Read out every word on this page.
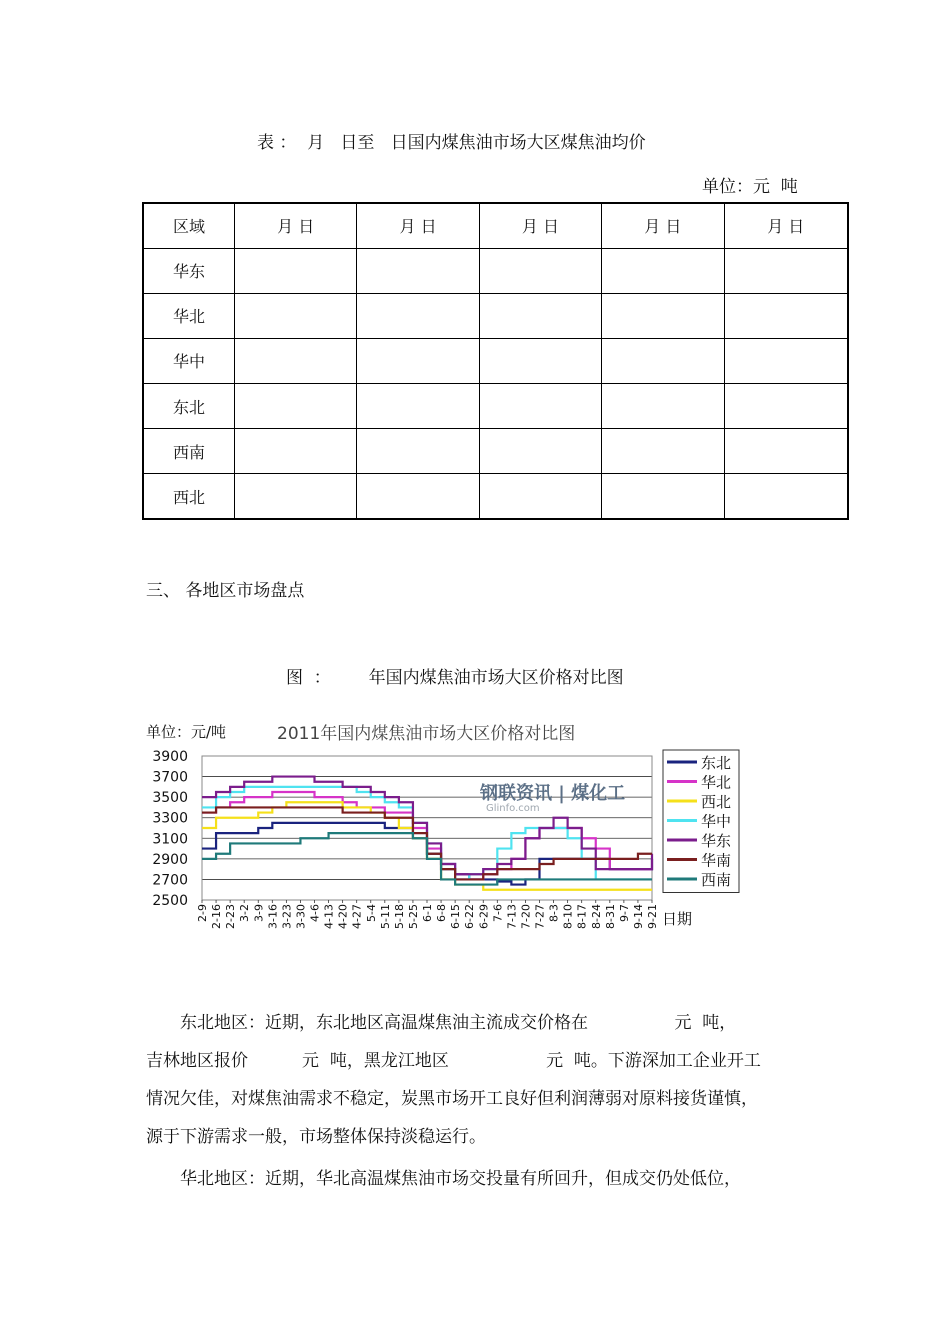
表 ：  月   日至   日国内煤焦油市场大区煤焦油均价
单位：元  吨
区域	月 日	月 日	月 日	月 日	月 日
华东					
华北					
华中					
东北					
西南					
西北					
三、 各地区市场盘点
图  ：       年国内煤焦油市场大区价格对比图
单位：元/吨	2011年国内煤焦油市场大区价格对比图
3900
3700
3500
3300
3100
2900
2700
2500
2-9 2-16 2-23 3-2 3-9 3-16 3-23 3-30 4-6 4-13 4-20 4-27 5-4 5-11 5-18 5-25 6-1 6-8 6-15 6-22 6-29 7-6 7-13 7-20 7-27 8-3 8-10 8-17 8-24 8-31 9-7 9-14 9-21
钢联资讯 | 煤化工
Glinfo.com
东北
华北
西北
华中
华东
华南
西南
日期
东北地区：近期，东北地区高温煤焦油主流成交价格在                元  吨，
吉林地区报价          元  吨，黑龙江地区                  元  吨。下游深加工企业开工
情况欠佳，对煤焦油需求不稳定，炭黑市场开工良好但利润薄弱对原料接货谨慎，
源于下游需求一般，市场整体保持淡稳运行。
华北地区：近期，华北高温煤焦油市场交投量有所回升，但成交仍处低位，
